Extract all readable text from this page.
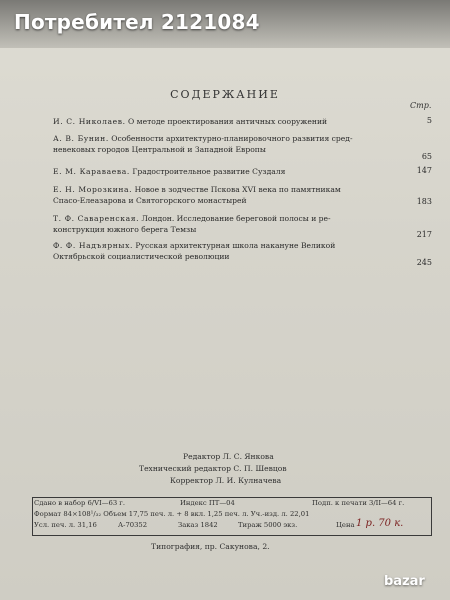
Потребител 2121084
СОДЕРЖАНИЕ
Стр.
И. С. Николаев. О методе проектирования античных сооружений	5
А. В. Бунин. Особенности архитектурно-планировочного развития сред-
невековых городов Центральной и Западной Европы
65
Е. М. Караваева. Градостроительное развитие Суздаля	147
Е. Н. Морозкина. Новое в зодчестве Пскова XVI века по памятникам
Спасо-Елеазарова и Святогорского монастырей	183
Т. Ф. Саваренская. Лондон. Исследование береговой полосы и ре-
конструкция южного берега Темзы
217
Ф. Ф. Надъярных. Русская архитектурная школа накануне Великой
Октябрьской социалистической революции
245
Редактор Л. С. Янкова
Технический редактор С. П. Шевцов
Корректор Л. И. Кулначева
Сдано в набор 6/VI—63 г.	Индекс ПТ—04	Подп. к печати 3/II—64 г.
Формат 84×108¹/₃₂ Объем 17,75 печ. л. + 8 вкл. 1,25 печ. л. Уч.-изд. л. 22,01
Усл. печ. л. 31,16	А-70352	Заказ 1842	Тираж 5000 экз.	Цена 1 р. 70 к.
Типография, пр. Сакунова, 2.
bazar
